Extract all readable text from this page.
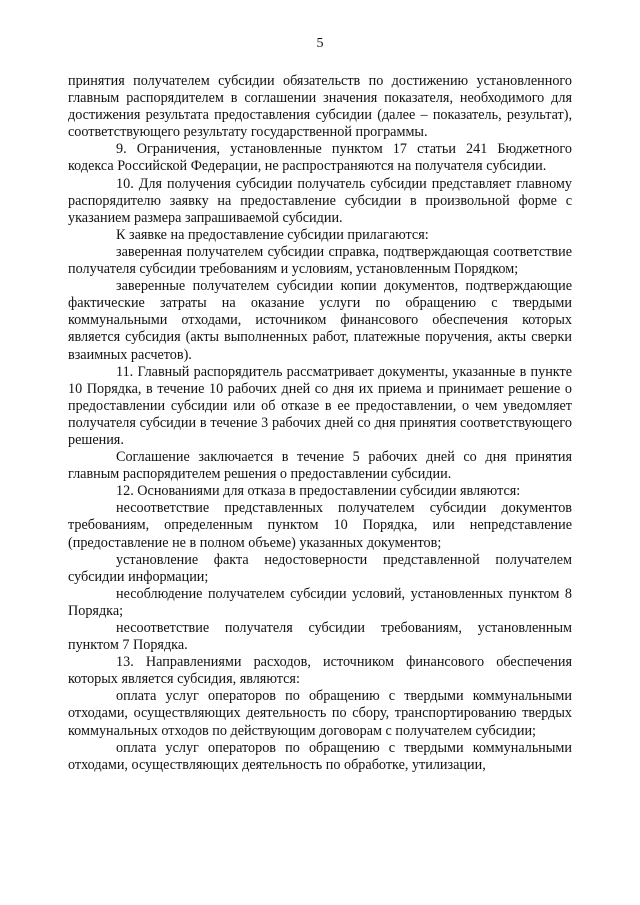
5

принятия получателем субсидии обязательств по достижению установленного главным распорядителем в соглашении значения показателя, необходимого для достижения результата предоставления субсидии (далее – показатель, результат), соответствующего результату государственной программы.

9. Ограничения, установленные пунктом 17 статьи 241 Бюджетного кодекса Российской Федерации, не распространяются на получателя субсидии.

10. Для получения субсидии получатель субсидии представляет главному распорядителю заявку на предоставление субсидии в произвольной форме с указанием размера запрашиваемой субсидии.

К заявке на предоставление субсидии прилагаются:

заверенная получателем субсидии справка, подтверждающая соответствие получателя субсидии требованиям и условиям, установленным Порядком;

заверенные получателем субсидии копии документов, подтверждающие фактические затраты на оказание услуги по обращению с твердыми коммунальными отходами, источником финансового обеспечения которых является субсидия (акты выполненных работ, платежные поручения, акты сверки взаимных расчетов).

11. Главный распорядитель рассматривает документы, указанные в пункте 10 Порядка, в течение 10 рабочих дней со дня их приема и принимает решение о предоставлении субсидии или об отказе в ее предоставлении, о чем уведомляет получателя субсидии в течение 3 рабочих дней со дня принятия соответствующего решения.

Соглашение заключается в течение 5 рабочих дней со дня принятия главным распорядителем решения о предоставлении субсидии.

12. Основаниями для отказа в предоставлении субсидии являются:

несоответствие представленных получателем субсидии документов требованиям, определенным пунктом 10 Порядка, или непредставление (предоставление не в полном объеме) указанных документов;

установление факта недостоверности представленной получателем субсидии информации;

несоблюдение получателем субсидии условий, установленных пунктом 8 Порядка;

несоответствие получателя субсидии требованиям, установленным пунктом 7 Порядка.

13. Направлениями расходов, источником финансового обеспечения которых является субсидия, являются:

оплата услуг операторов по обращению с твердыми коммунальными отходами, осуществляющих деятельность по сбору, транспортированию твердых коммунальных отходов по действующим договорам с получателем субсидии;

оплата услуг операторов по обращению с твердыми коммунальными отходами, осуществляющих деятельность по обработке, утилизации,
